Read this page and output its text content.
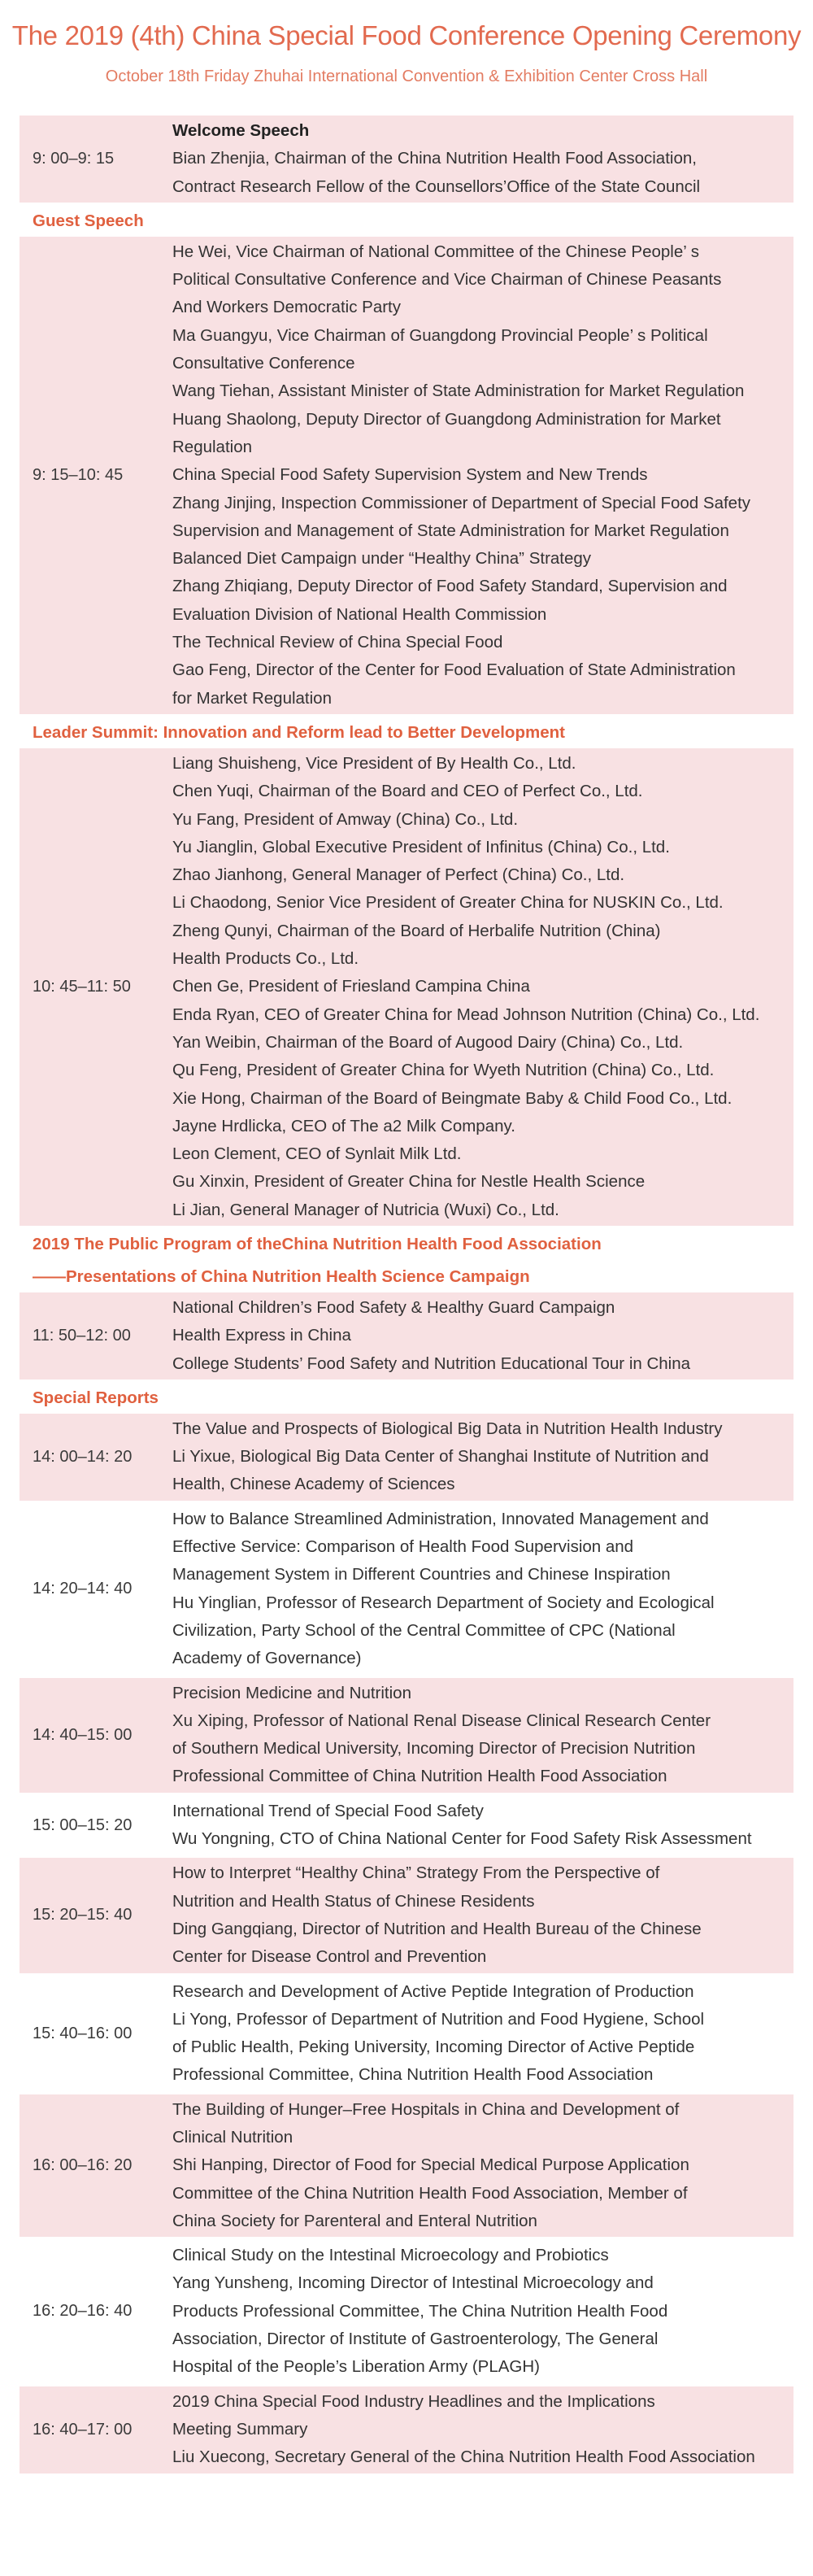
The 2019 (4th) China Special Food Conference Opening Ceremony

October 18th Friday Zhuhai International Convention & Exhibition Center Cross Hall

9: 00–9: 15
Welcome Speech
Bian Zhenjia, Chairman of the China Nutrition Health Food Association,
Contract Research Fellow of the Counsellors’Office of the State Council
Guest Speech
9: 15–10: 45
He Wei, Vice Chairman of National Committee of the Chinese People’ s
Political Consultative Conference and Vice Chairman of Chinese Peasants
And Workers Democratic Party
Ma Guangyu, Vice Chairman of Guangdong Provincial People’ s Political
Consultative Conference
Wang Tiehan, Assistant Minister of State Administration for Market Regulation
Huang Shaolong, Deputy Director of Guangdong Administration for Market
Regulation
China Special Food Safety Supervision System and New Trends
Zhang Jinjing, Inspection Commissioner of Department of Special Food Safety
Supervision and Management of State Administration for Market Regulation
Balanced Diet Campaign under “Healthy China” Strategy
Zhang Zhiqiang, Deputy Director of Food Safety Standard, Supervision and
Evaluation Division of National Health Commission
The Technical Review of China Special Food
Gao Feng, Director of the Center for Food Evaluation of State Administration
for Market Regulation
Leader Summit: Innovation and Reform lead to Better Development
10: 45–11: 50
Liang Shuisheng, Vice President of By Health Co., Ltd.
Chen Yuqi, Chairman of the Board and CEO of Perfect Co., Ltd.
Yu Fang, President of Amway (China) Co., Ltd.
Yu Jianglin, Global Executive President of Infinitus (China) Co., Ltd.
Zhao Jianhong, General Manager of Perfect (China) Co., Ltd.
Li Chaodong, Senior Vice President of Greater China for NUSKIN Co., Ltd.
Zheng Qunyi, Chairman of the Board of Herbalife Nutrition (China)
Health Products Co., Ltd.
Chen Ge, President of Friesland Campina China
Enda Ryan, CEO of Greater China for Mead Johnson Nutrition (China) Co., Ltd.
Yan Weibin, Chairman of the Board of Augood Dairy (China) Co., Ltd.
Qu Feng, President of Greater China for Wyeth Nutrition (China) Co., Ltd.
Xie Hong, Chairman of the Board of Beingmate Baby & Child Food Co., Ltd.
Jayne Hrdlicka, CEO of The a2 Milk Company.
Leon Clement, CEO of Synlait Milk Ltd.
Gu Xinxin, President of Greater China for Nestle Health Science
Li Jian, General Manager of Nutricia (Wuxi) Co., Ltd.
2019 The Public Program of theChina Nutrition Health Food Association
——Presentations of China Nutrition Health Science Campaign
11: 50–12: 00
National Children’s Food Safety & Healthy Guard Campaign
Health Express in China
College Students’ Food Safety and Nutrition Educational Tour in China
Special Reports
14: 00–14: 20
The Value and Prospects of Biological Big Data in Nutrition Health Industry
Li Yixue, Biological Big Data Center of Shanghai Institute of Nutrition and
Health, Chinese Academy of Sciences
14: 20–14: 40
How to Balance Streamlined Administration, Innovated Management and
Effective Service: Comparison of Health Food Supervision and
Management System in Different Countries and Chinese Inspiration
Hu Yinglian, Professor of Research Department of Society and Ecological
Civilization, Party School of the Central Committee of CPC (National
Academy of Governance)
14: 40–15: 00
Precision Medicine and Nutrition
Xu Xiping, Professor of National Renal Disease Clinical Research Center
of Southern Medical University, Incoming Director of Precision Nutrition
Professional Committee of China Nutrition Health Food Association
15: 00–15: 20
International Trend of Special Food Safety
Wu Yongning, CTO of China National Center for Food Safety Risk Assessment
15: 20–15: 40
How to Interpret “Healthy China” Strategy From the Perspective of
Nutrition and Health Status of Chinese Residents
Ding Gangqiang, Director of Nutrition and Health Bureau of the Chinese
Center for Disease Control and Prevention
15: 40–16: 00
Research and Development of Active Peptide Integration of Production
Li Yong, Professor of Department of Nutrition and Food Hygiene, School
of Public Health, Peking University, Incoming Director of Active Peptide
Professional Committee, China Nutrition Health Food Association
16: 00–16: 20
The Building of Hunger–Free Hospitals in China and Development of
Clinical Nutrition
Shi Hanping, Director of Food for Special Medical Purpose Application
Committee of the China Nutrition Health Food Association, Member of
China Society for Parenteral and Enteral Nutrition
16: 20–16: 40
Clinical Study on the Intestinal Microecology and Probiotics
Yang Yunsheng, Incoming Director of Intestinal Microecology and
Products Professional Committee, The China Nutrition Health Food
Association, Director of Institute of Gastroenterology, The General
Hospital of the People’s Liberation Army (PLAGH)
16: 40–17: 00
2019 China Special Food Industry Headlines and the Implications
Meeting Summary
Liu Xuecong, Secretary General of the China Nutrition Health Food Association
